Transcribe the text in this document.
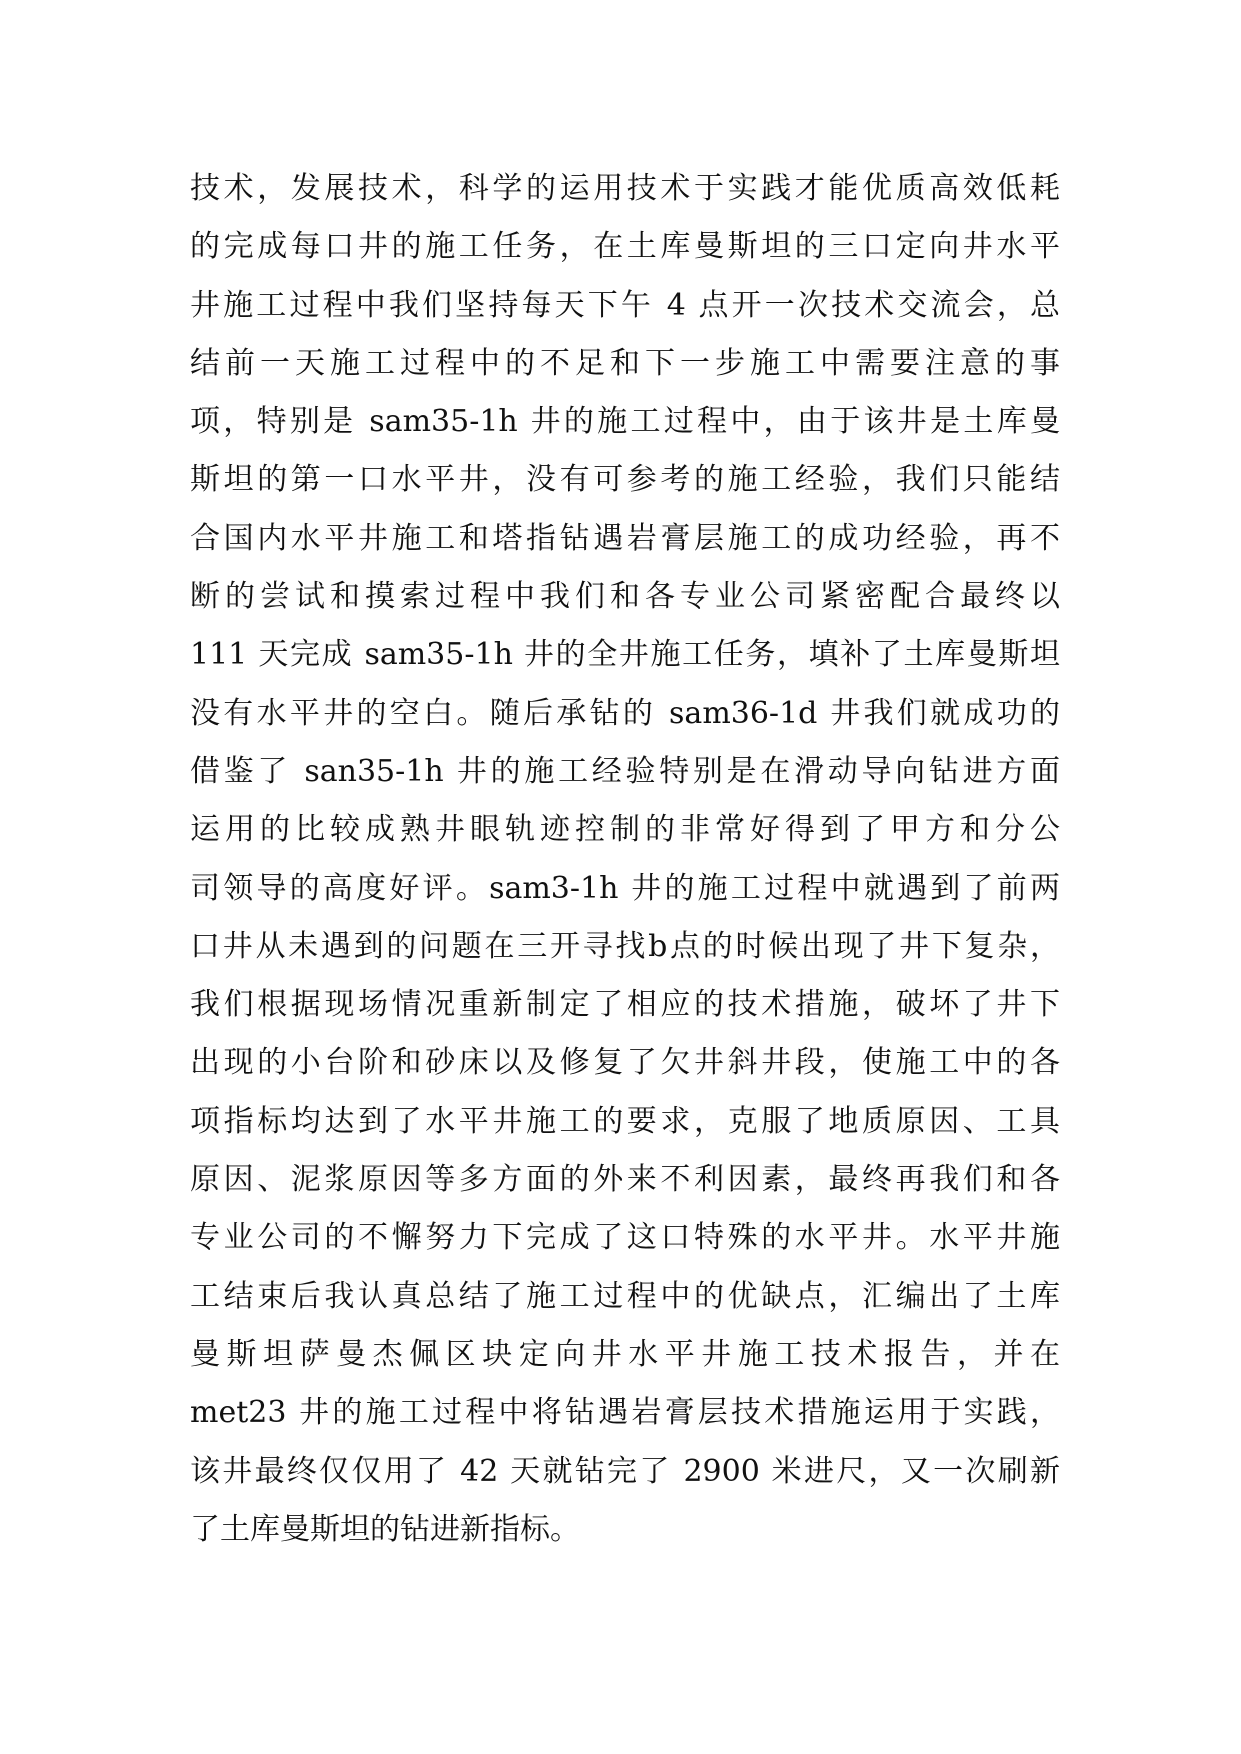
技术，发展技术，科学的运用技术于实践才能优质高效低耗
的完成每口井的施工任务，在土库曼斯坦的三口定向井水平
井施工过程中我们坚持每天下午 4 点开一次技术交流会，总
结前一天施工过程中的不足和下一步施工中需要注意的事
项，特别是 sam35-1h 井的施工过程中，由于该井是土库曼
斯坦的第一口水平井，没有可参考的施工经验，我们只能结
合国内水平井施工和塔指钻遇岩膏层施工的成功经验，再不
断的尝试和摸索过程中我们和各专业公司紧密配合最终以
111 天完成 sam35-1h 井的全井施工任务，填补了土库曼斯坦
没有水平井的空白。随后承钻的 sam36-1d 井我们就成功的
借鉴了 san35-1h 井的施工经验特别是在滑动导向钻进方面
运用的比较成熟井眼轨迹控制的非常好得到了甲方和分公
司领导的高度好评。sam3-1h 井的施工过程中就遇到了前两
口井从未遇到的问题在三开寻找b点的时候出现了井下复杂，
我们根据现场情况重新制定了相应的技术措施，破坏了井下
出现的小台阶和砂床以及修复了欠井斜井段，使施工中的各
项指标均达到了水平井施工的要求，克服了地质原因、工具
原因、泥浆原因等多方面的外来不利因素，最终再我们和各
专业公司的不懈努力下完成了这口特殊的水平井。水平井施
工结束后我认真总结了施工过程中的优缺点，汇编出了土库
曼斯坦萨曼杰佩区块定向井水平井施工技术报告，并在
met23 井的施工过程中将钻遇岩膏层技术措施运用于实践，
该井最终仅仅用了 42 天就钻完了 2900 米进尺，又一次刷新
了土库曼斯坦的钻进新指标。
